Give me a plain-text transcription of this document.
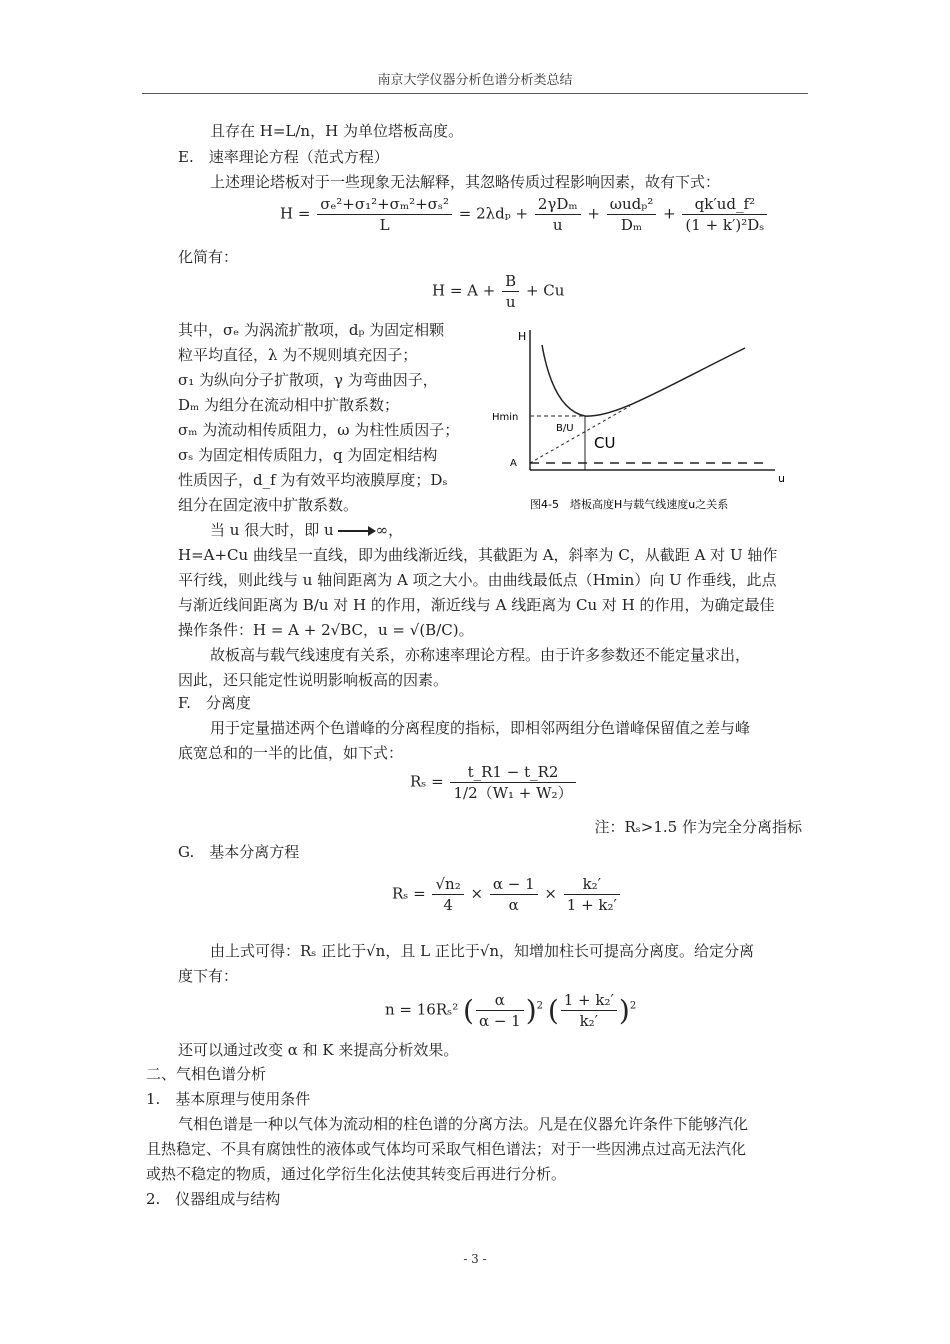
南京大学仪器分析色谱分析类总结
且存在 H=L/n，H 为单位塔板高度。
E.　速率理论方程（范式方程）
上述理论塔板对于一些现象无法解释，其忽略传质过程影响因素，故有下式：
$H = \frac{\text{σₑ²+σ₁²+σₘ²+σₛ²}}{L} = 2\lambda d_p + \frac{\text{2γDₘ}}{u} + \frac{\text{ωudₚ²}}{\text{Dₘ}} + \frac{\text{qk′ud\_f²}}{\text{(1 + k′)²Dₛ}}$
化简有：
$H = A + \frac{B}{u} + Cu$
其中，σₑ 为涡流扩散项，dₚ 为固定相颗
粒平均直径，λ 为不规则填充因子；
σ₁ 为纵向分子扩散项，γ 为弯曲因子，
Dₘ 为组分在流动相中扩散系数；
σₘ 为流动相传质阻力，ω 为柱性质因子；
σₛ 为固定相传质阻力，q 为固定相结构
性质因子，d_f 为有效平均液膜厚度；Dₛ
组分在固定液中扩散系数。
当 u 很大时，即 u	∞，
H
u
Hmin
A
B/U
CU
图4-5　塔板高度H与载气线速度u之关系
H=A+Cu 曲线呈一直线，即为曲线渐近线，其截距为 A，斜率为 C，从截距 A 对 U 轴作
平行线，则此线与 u 轴间距离为 A 项之大小。由曲线最低点（Hmin）向 U 作垂线，此点
与渐近线间距离为 B/u 对 H 的作用，渐近线与 A 线距离为 Cu 对 H 的作用，为确定最佳
操作条件：H = A + 2√BC，u = √(B/C)。
故板高与载气线速度有关系，亦称速率理论方程。由于许多参数还不能定量求出，
因此，还只能定性说明影响板高的因素。
F.　分离度
用于定量描述两个色谱峰的分离程度的指标，即相邻两组分色谱峰保留值之差与峰
底宽总和的一半的比值，如下式：
$R_s = \frac{t\_R1 - t\_R2}{\text{1/2（W₁ + W₂）}}$
注：Rₛ>1.5 作为完全分离指标
G.　基本分离方程
$R_s = \frac{\text{√n₂}}{4} \times \frac{\alpha - 1}{\alpha} \times \frac{\text{k₂′}}{\text{1 + k₂′}}$
由上式可得：Rₛ 正比于√n，且 L 正比于√n，知增加柱长可提高分离度。给定分离
度下有：
n = 16Rₛ² ( $\frac{\alpha}{\alpha - 1} )^2$ ( $\frac{\text{1 + k₂′}}{\text{k₂′}} )^2$
还可以通过改变 α 和 K 来提高分析效果。
二、气相色谱分析
1.　基本原理与使用条件
气相色谱是一种以气体为流动相的柱色谱的分离方法。凡是在仪器允许条件下能够汽化
且热稳定、不具有腐蚀性的液体或气体均可采取气相色谱法；对于一些因沸点过高无法汽化
或热不稳定的物质，通过化学衍生化法使其转变后再进行分析。
2.　仪器组成与结构
- 3 -
